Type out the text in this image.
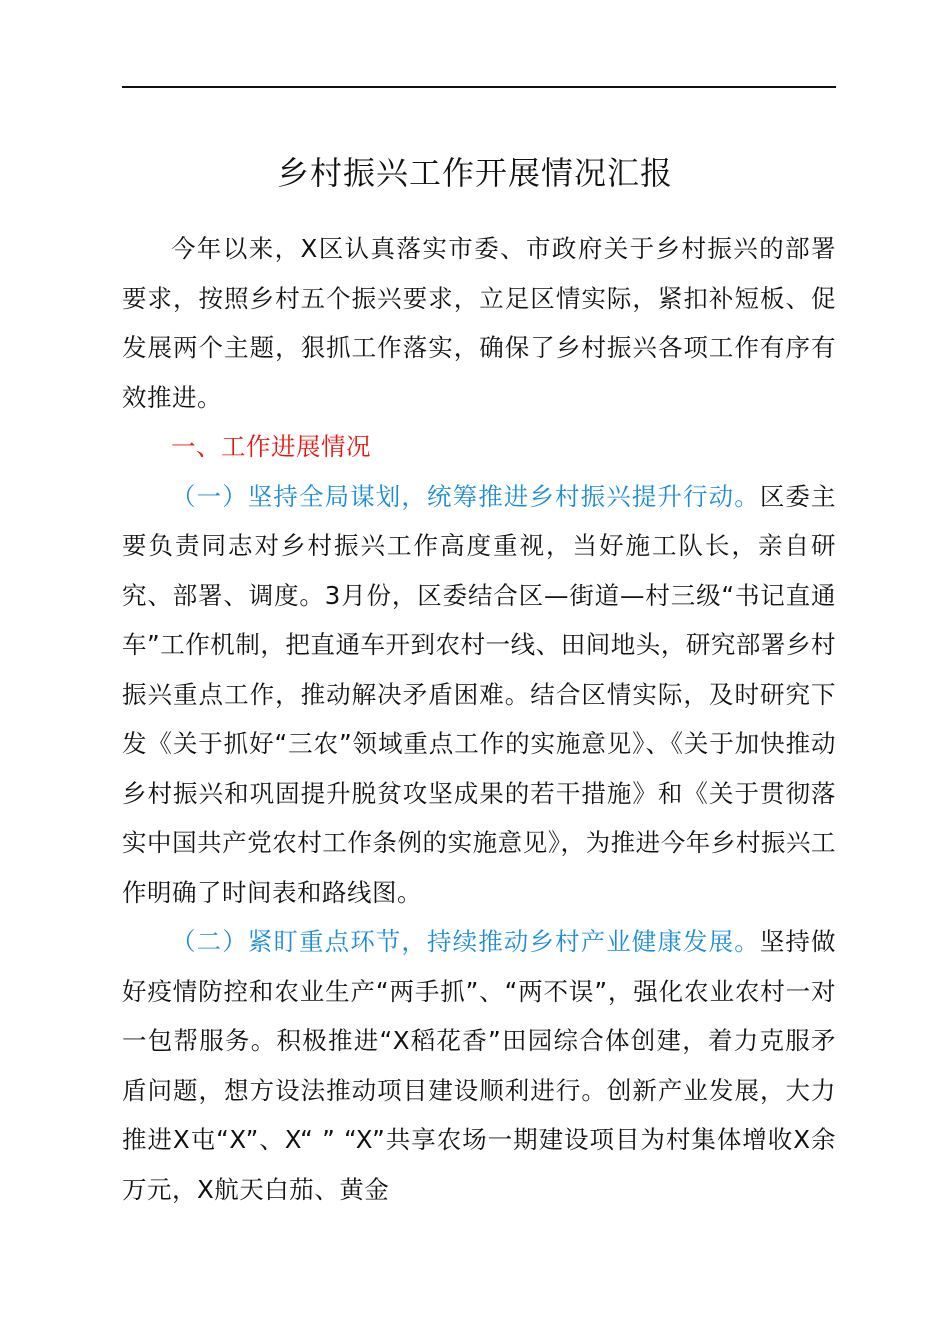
乡村振兴工作开展情况汇报

今年以来，X区认真落实市委、市政府关于乡村振兴的部署要求，按照乡村五个振兴要求，立足区情实际，紧扣补短板、促发展两个主题，狠抓工作落实，确保了乡村振兴各项工作有序有效推进。

一、工作进展情况

（一）坚持全局谋划，统筹推进乡村振兴提升行动。区委主要负责同志对乡村振兴工作高度重视，当好施工队长，亲自研究、部署、调度。3月份，区委结合区—街道—村三级“书记直通车”工作机制，把直通车开到农村一线、田间地头，研究部署乡村振兴重点工作，推动解决矛盾困难。结合区情实际，及时研究下发《关于抓好“三农”领域重点工作的实施意见》、《关于加快推动乡村振兴和巩固提升脱贫攻坚成果的若干措施》和《关于贯彻落实中国共产党农村工作条例的实施意见》，为推进今年乡村振兴工作明确了时间表和路线图。

（二）紧盯重点环节，持续推动乡村产业健康发展。坚持做好疫情防控和农业生产“两手抓”、“两不误”，强化农业农村一对一包帮服务。积极推进“X稻花香”田园综合体创建，着力克服矛盾问题，想方设法推动项目建设顺利进行。创新产业发展，大力推进X屯“X”、X“ ” “X”共享农场一期建设项目为村集体增收X余万元，X航天白茄、黄金
